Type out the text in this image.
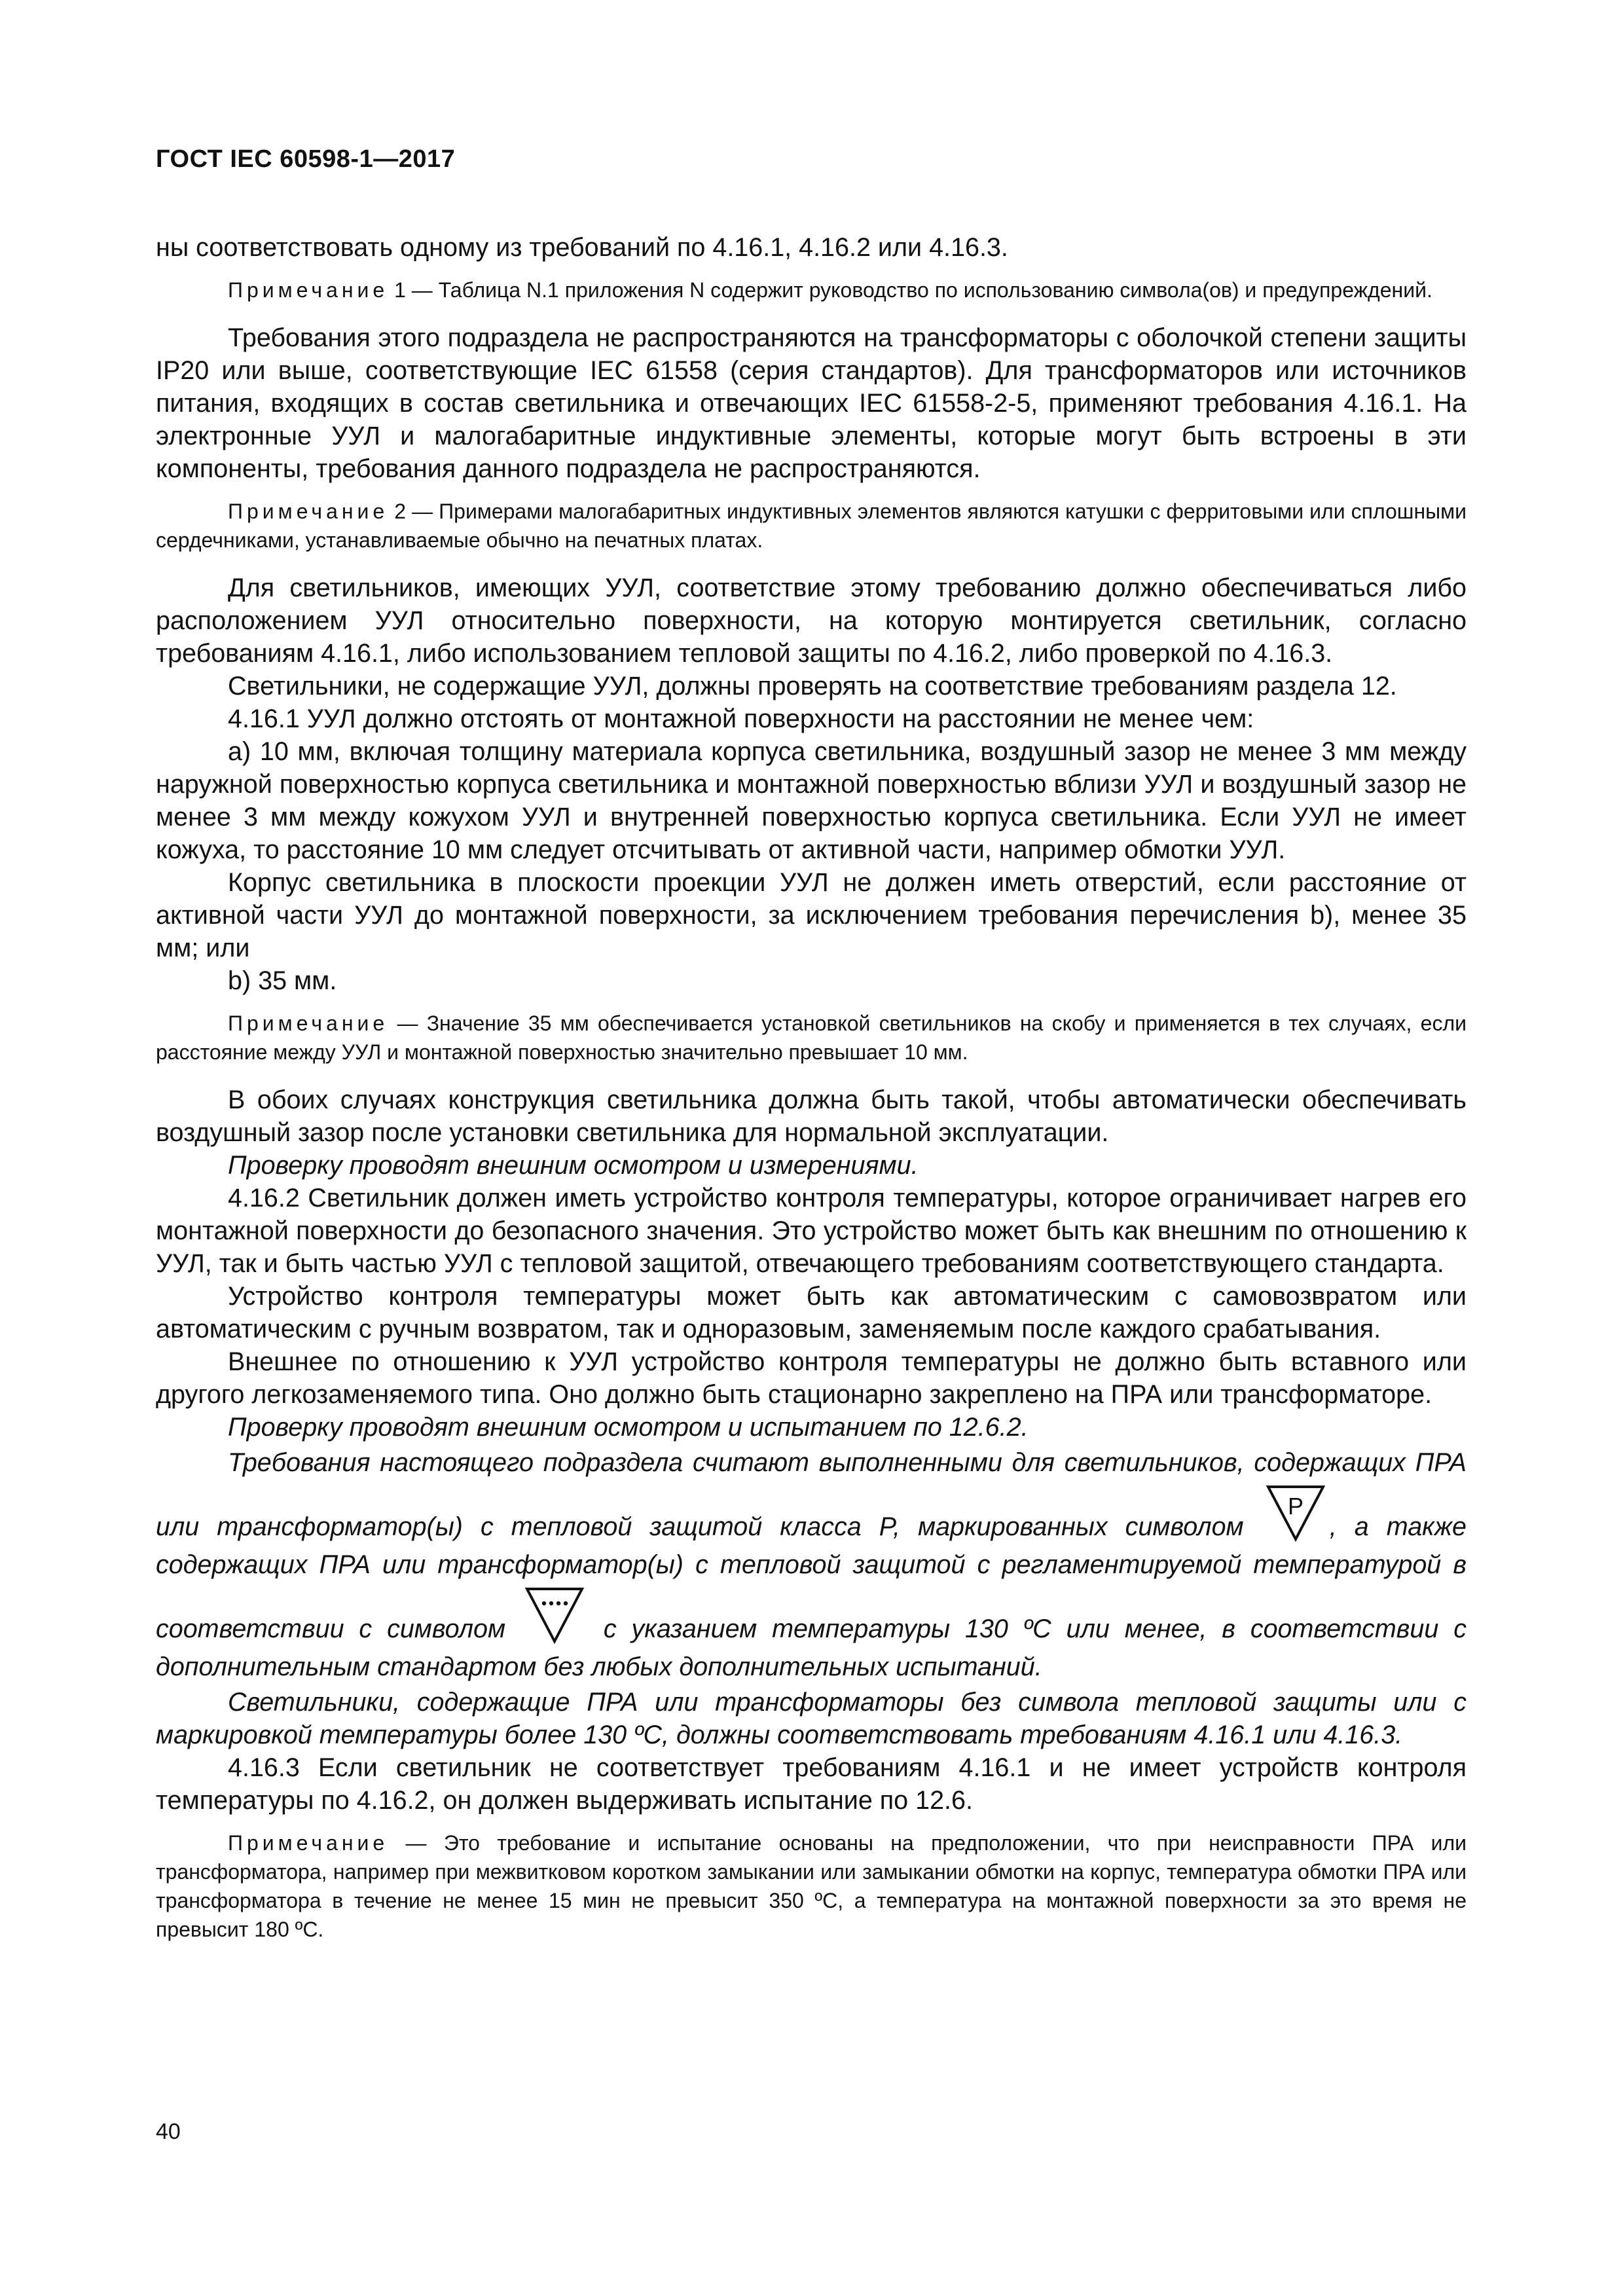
ГОСТ IEC 60598-1—2017

ны соответствовать одному из требований по 4.16.1, 4.16.2 или 4.16.3.

Примечание 1 — Таблица N.1 приложения N содержит руководство по использованию символа(ов) и предупреждений.

Требования этого подраздела не распространяются на трансформаторы с оболочкой степени защиты IP20 или выше, соответствующие IEC 61558 (серия стандартов). Для трансформаторов или источников питания, входящих в состав светильника и отвечающих IEC 61558-2-5, применяют требования 4.16.1. На электронные УУЛ и малогабаритные индуктивные элементы, которые могут быть встроены в эти компоненты, требования данного подраздела не распространяются.

Примечание 2 — Примерами малогабаритных индуктивных элементов являются катушки с ферритовыми или сплошными сердечниками, устанавливаемые обычно на печатных платах.

Для светильников, имеющих УУЛ, соответствие этому требованию должно обеспечиваться либо расположением УУЛ относительно поверхности, на которую монтируется светильник, согласно требованиям 4.16.1, либо использованием тепловой защиты по 4.16.2, либо проверкой по 4.16.3.

Светильники, не содержащие УУЛ, должны проверять на соответствие требованиям раздела 12.

4.16.1 УУЛ должно отстоять от монтажной поверхности на расстоянии не менее чем:

а) 10 мм, включая толщину материала корпуса светильника, воздушный зазор не менее 3 мм между наружной поверхностью корпуса светильника и монтажной поверхностью вблизи УУЛ и воздушный зазор не менее 3 мм между кожухом УУЛ и внутренней поверхностью корпуса светильника. Если УУЛ не имеет кожуха, то расстояние 10 мм следует отсчитывать от активной части, например обмотки УУЛ.

Корпус светильника в плоскости проекции УУЛ не должен иметь отверстий, если расстояние от активной части УУЛ до монтажной поверхности, за исключением требования перечисления b), менее 35 мм; или

b) 35 мм.

Примечание — Значение 35 мм обеспечивается установкой светильников на скобу и применяется в тех случаях, если расстояние между УУЛ и монтажной поверхностью значительно превышает 10 мм.

В обоих случаях конструкция светильника должна быть такой, чтобы автоматически обеспечивать воздушный зазор после установки светильника для нормальной эксплуатации.

Проверку проводят внешним осмотром и измерениями.

4.16.2 Светильник должен иметь устройство контроля температуры, которое ограничивает нагрев его монтажной поверхности до безопасного значения. Это устройство может быть как внешним по отношению к УУЛ, так и быть частью УУЛ с тепловой защитой, отвечающего требованиям соответствующего стандарта.

Устройство контроля температуры может быть как автоматическим с самовозвратом или автоматическим с ручным возвратом, так и одноразовым, заменяемым после каждого срабатывания.

Внешнее по отношению к УУЛ устройство контроля температуры не должно быть вставного или другого легкозаменяемого типа. Оно должно быть стационарно закреплено на ПРА или трансформаторе.

Проверку проводят внешним осмотром и испытанием по 12.6.2.

Требования настоящего подраздела считают выполненными для светильников, содержащих ПРА или трансформатор(ы) с тепловой защитой класса P, маркированных символом
P
, а также содержащих ПРА или трансформатор(ы) с тепловой защитой с регламентируемой температурой в соответствии с символом	с указанием температуры 130 ºС или менее, в соответствии с дополнительным стандартом без любых дополнительных испытаний.

Светильники, содержащие ПРА или трансформаторы без символа тепловой защиты или с маркировкой температуры более 130 ºС, должны соответствовать требованиям 4.16.1 или 4.16.3.

4.16.3 Если светильник не соответствует требованиям 4.16.1 и не имеет устройств контроля температуры по 4.16.2, он должен выдерживать испытание по 12.6.

Примечание — Это требование и испытание основаны на предположении, что при неисправности ПРА или трансформатора, например при межвитковом коротком замыкании или замыкании обмотки на корпус, температура обмотки ПРА или трансформатора в течение не менее 15 мин не превысит 350 ºС, а температура на монтажной поверхности за это время не превысит 180 ºС.

40
